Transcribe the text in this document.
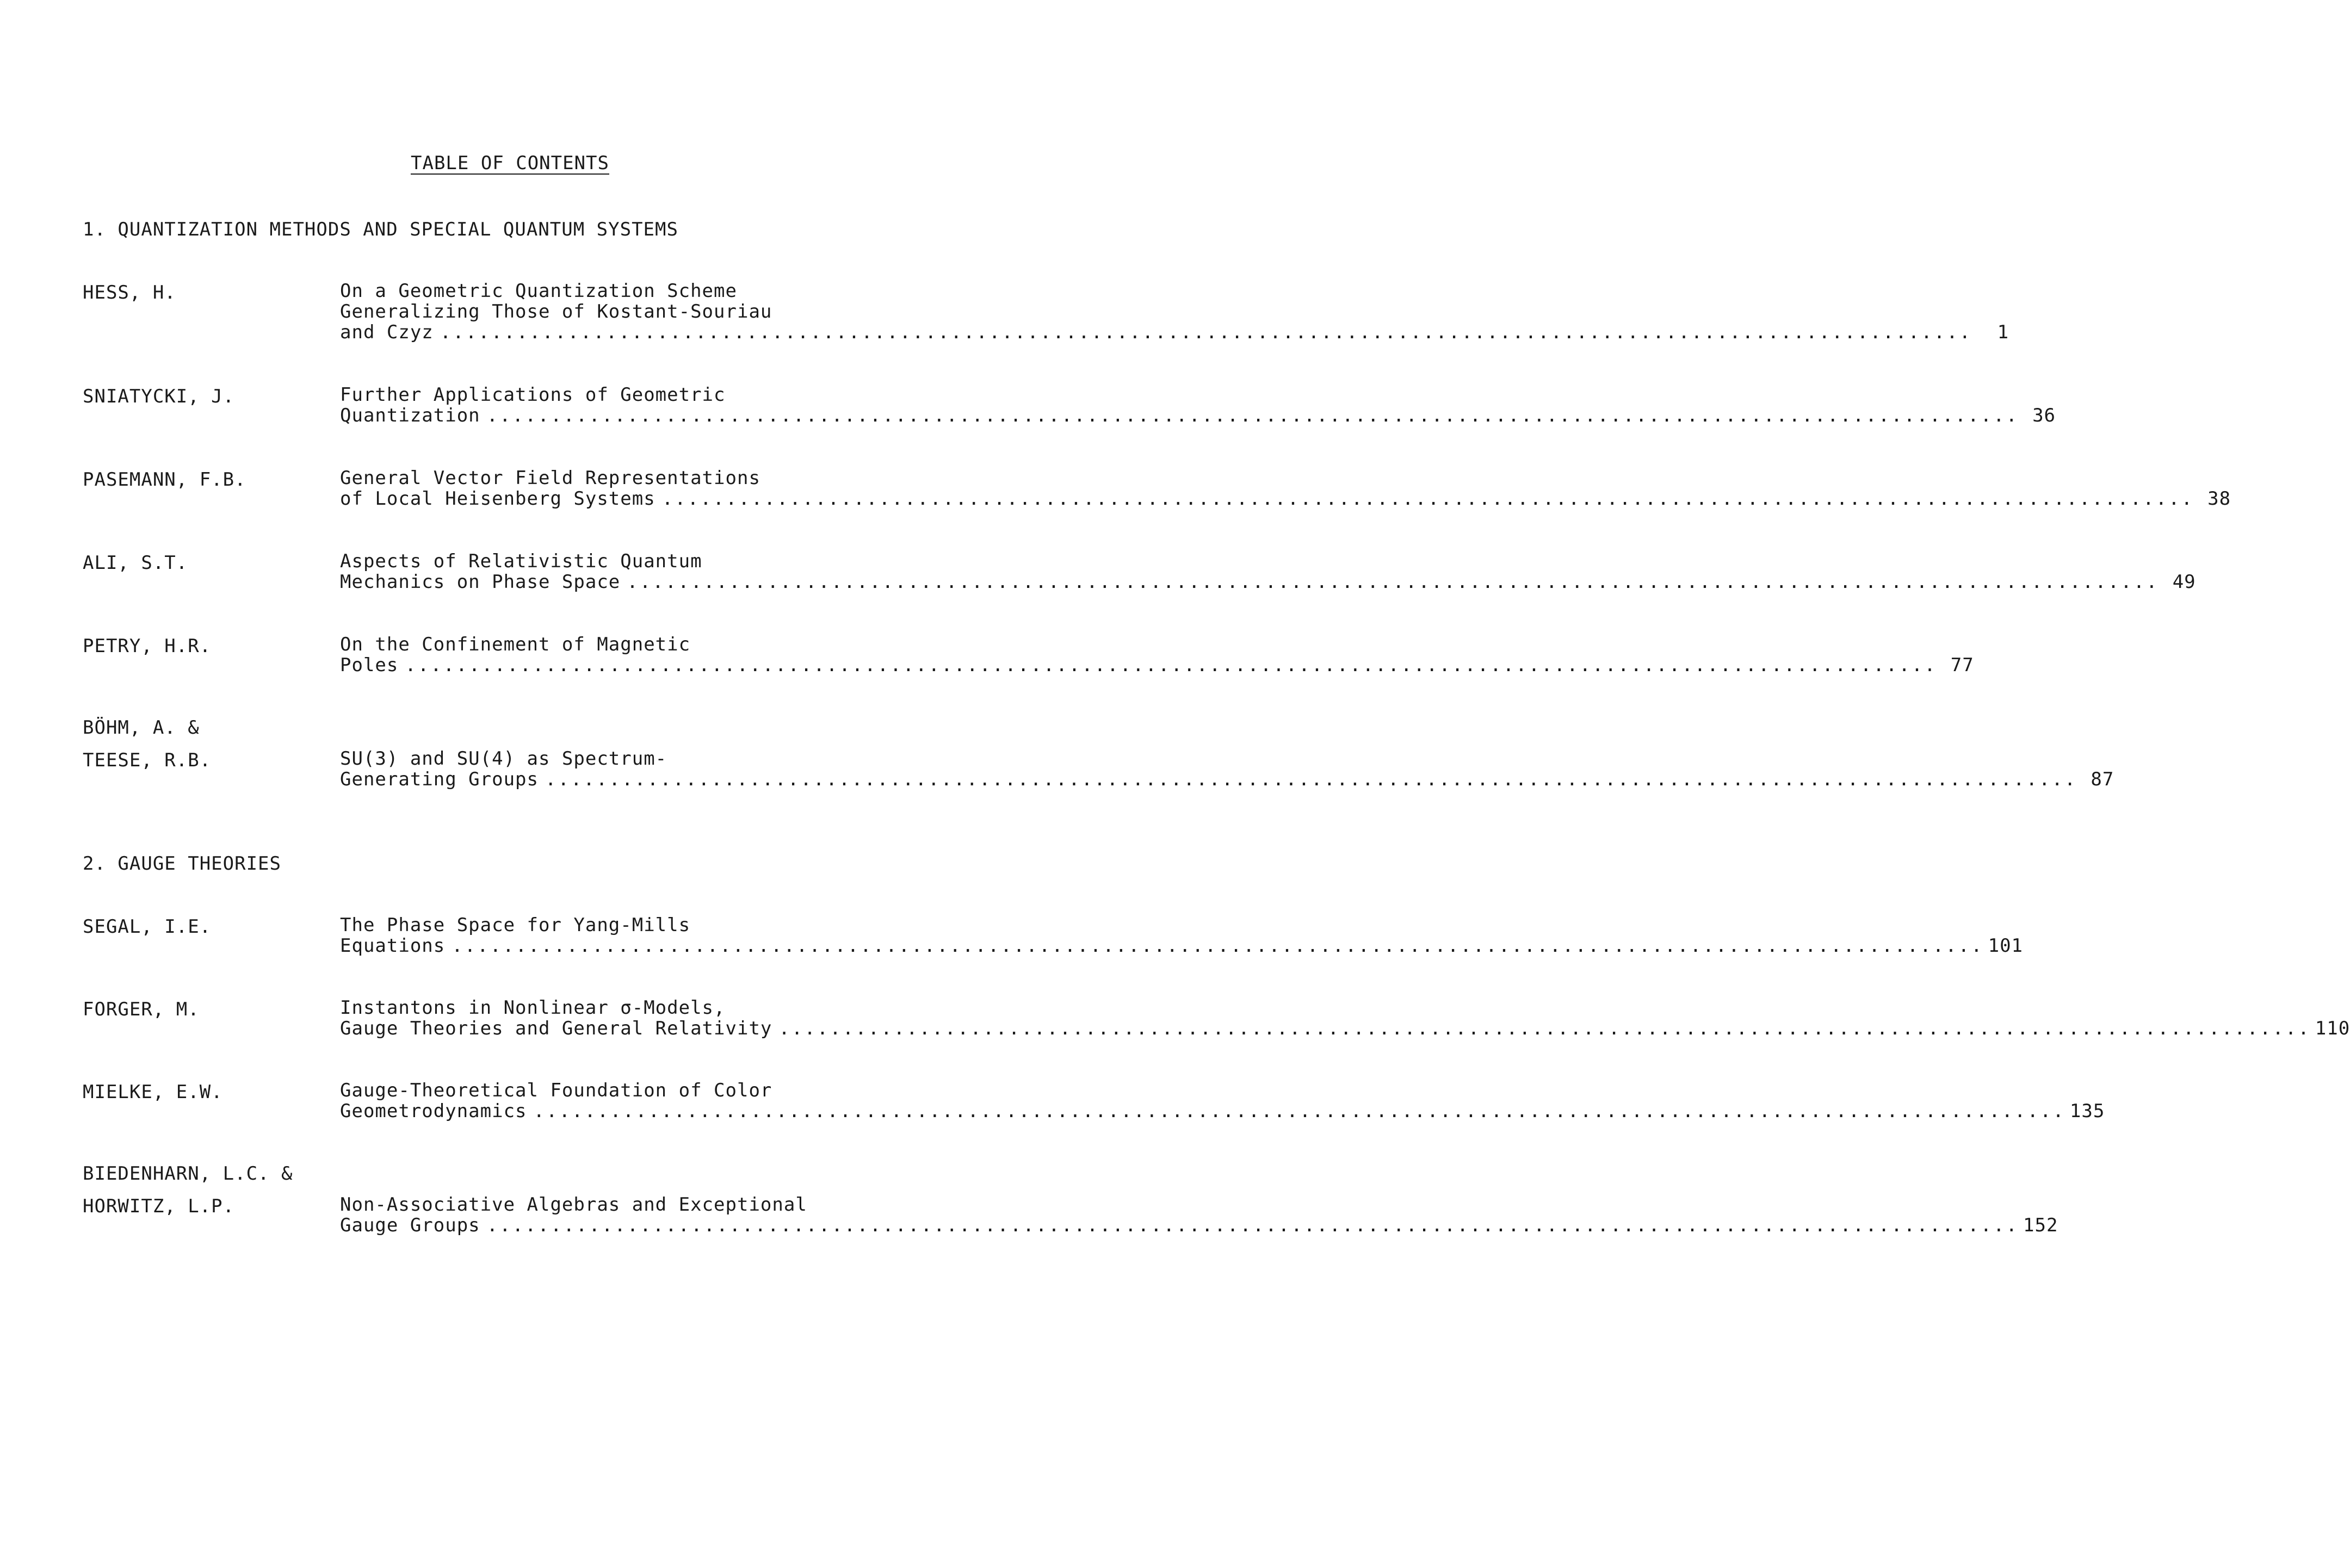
TABLE OF CONTENTS
1. QUANTIZATION METHODS AND SPECIAL QUANTUM SYSTEMS
HESS, H.	On a Geometric Quantization Scheme
Generalizing Those of Kostant-Souriau
and Czyz ........................................................................................................................	1
SNIATYCKI, J.	Further Applications of Geometric
Quantization ........................................................................................................................ 36
PASEMANN, F.B.	General Vector Field Representations
of Local Heisenberg Systems ........................................................................................................................ 38
ALI, S.T.	Aspects of Relativistic Quantum
Mechanics on Phase Space ........................................................................................................................ 49
PETRY, H.R.	On the Confinement of Magnetic
Poles ........................................................................................................................ 77
BÖHM, A. &
TEESE, R.B.	SU(3) and SU(4) as Spectrum-
Generating Groups ........................................................................................................................ 87
2. GAUGE THEORIES
SEGAL, I.E.	The Phase Space for Yang-Mills
Equations ........................................................................................................................ 101
FORGER, M.	Instantons in Nonlinear σ-Models,
Gauge Theories and General Relativity ........................................................................................................................ 110
MIELKE, E.W.	Gauge-Theoretical Foundation of Color
Geometrodynamics ........................................................................................................................ 135
BIEDENHARN, L.C. &
HORWITZ, L.P.	Non-Associative Algebras and Exceptional
Gauge Groups ........................................................................................................................ 152
